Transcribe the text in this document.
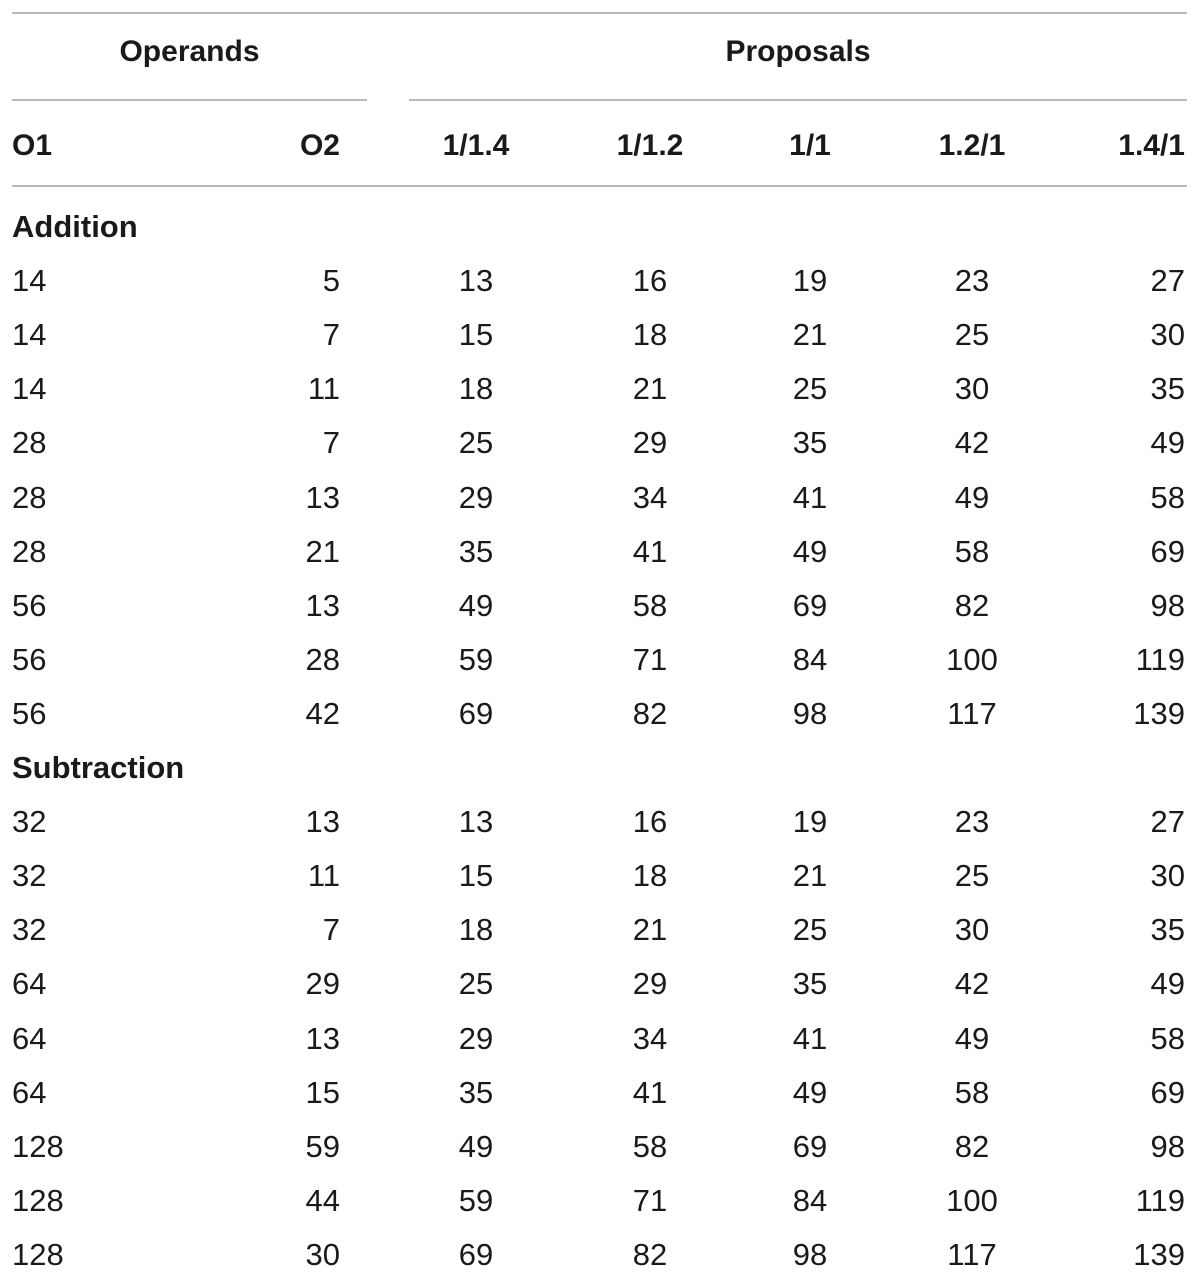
Operands	Proposals
O1	O2	1/1.4	1/1.2	1/1	1.2/1	1.4/1
Addition
14	5	13	16	19	23	27
14	7	15	18	21	25	30
14	11	18	21	25	30	35
28	7	25	29	35	42	49
28	13	29	34	41	49	58
28	21	35	41	49	58	69
56	13	49	58	69	82	98
56	28	59	71	84	100	119
56	42	69	82	98	117	139
Subtraction
32	13	13	16	19	23	27
32	11	15	18	21	25	30
32	7	18	21	25	30	35
64	29	25	29	35	42	49
64	13	29	34	41	49	58
64	15	35	41	49	58	69
128	59	49	58	69	82	98
128	44	59	71	84	100	119
128	30	69	82	98	117	139
